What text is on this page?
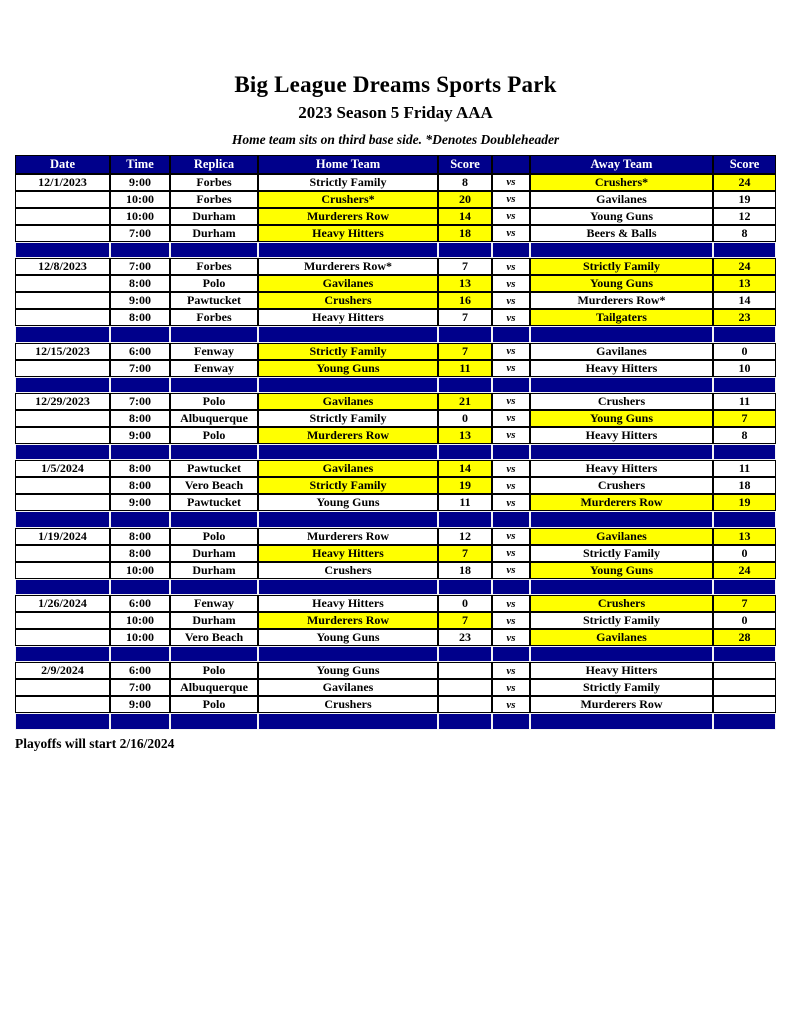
Big League Dreams Sports Park
2023 Season 5 Friday AAA
Home team sits on third base side. *Denotes Doubleheader
Date	Time	Replica	Home Team	Score		Away Team	Score
12/1/2023	9:00	Forbes	Strictly Family	8	vs	Crushers*	24
	10:00	Forbes	Crushers*	20	vs	Gavilanes	19
	10:00	Durham	Murderers Row	14	vs	Young Guns	12
	7:00	Durham	Heavy Hitters	18	vs	Beers & Balls	8

12/8/2023	7:00	Forbes	Murderers Row*	7	vs	Strictly Family	24
	8:00	Polo	Gavilanes	13	vs	Young Guns	13
	9:00	Pawtucket	Crushers	16	vs	Murderers Row*	14
	8:00	Forbes	Heavy Hitters	7	vs	Tailgaters	23

12/15/2023	6:00	Fenway	Strictly Family	7	vs	Gavilanes	0
	7:00	Fenway	Young Guns	11	vs	Heavy Hitters	10

12/29/2023	7:00	Polo	Gavilanes	21	vs	Crushers	11
	8:00	Albuquerque	Strictly Family	0	vs	Young Guns	7
	9:00	Polo	Murderers Row	13	vs	Heavy Hitters	8

1/5/2024	8:00	Pawtucket	Gavilanes	14	vs	Heavy Hitters	11
	8:00	Vero Beach	Strictly Family	19	vs	Crushers	18
	9:00	Pawtucket	Young Guns	11	vs	Murderers Row	19

1/19/2024	8:00	Polo	Murderers Row	12	vs	Gavilanes	13
	8:00	Durham	Heavy Hitters	7	vs	Strictly Family	0
	10:00	Durham	Crushers	18	vs	Young Guns	24

1/26/2024	6:00	Fenway	Heavy Hitters	0	vs	Crushers	7
	10:00	Durham	Murderers Row	7	vs	Strictly Family	0
	10:00	Vero Beach	Young Guns	23	vs	Gavilanes	28

2/9/2024	6:00	Polo	Young Guns		vs	Heavy Hitters	
	7:00	Albuquerque	Gavilanes		vs	Strictly Family	
	9:00	Polo	Crushers		vs	Murderers Row	

Playoffs will start 2/16/2024
